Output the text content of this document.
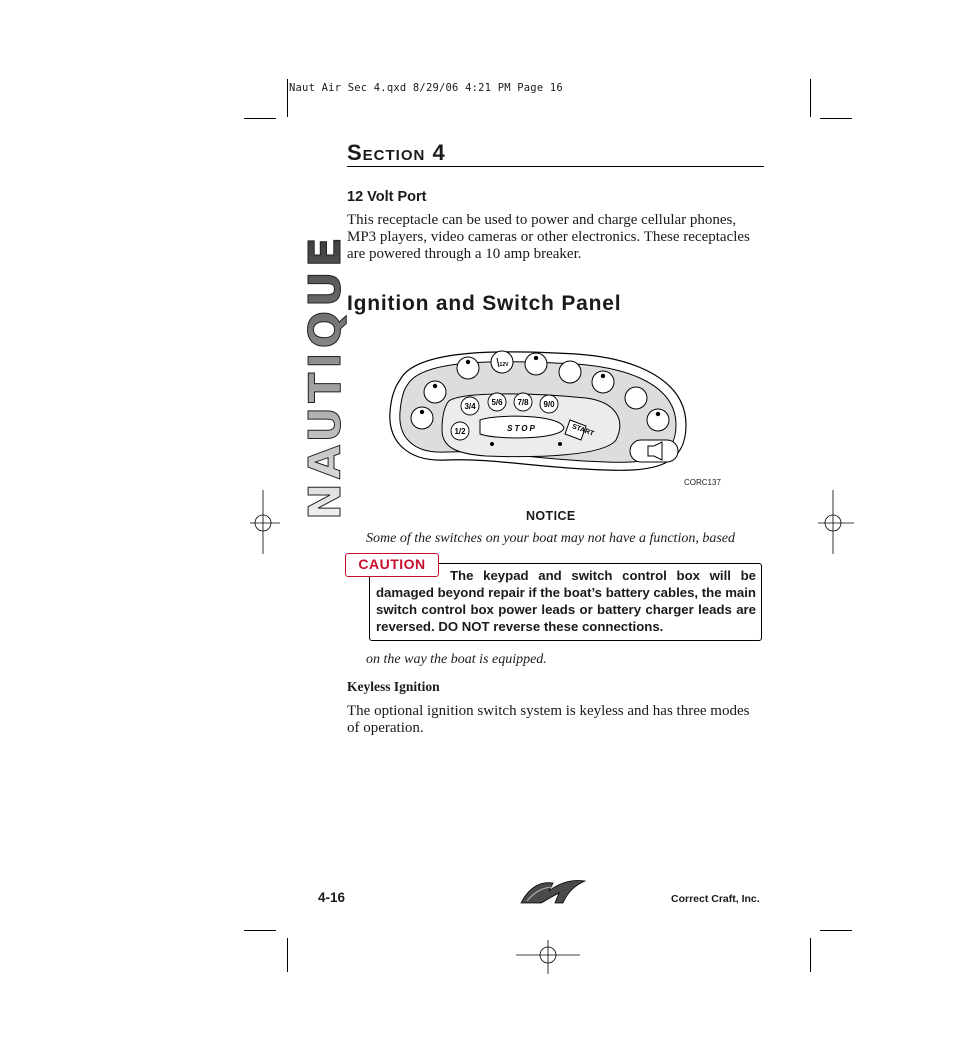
Naut Air Sec 4.qxd 8/29/06 4:21 PM Page 16
NAUTIQUE
Section 4
12 Volt Port
This receptacle can be used to power and charge cellular phones, MP3 players, video cameras or other electronics. These receptacles are powered through a 10 amp breaker.
Ignition and Switch Panel
3/4 5/6 7/8 9/0
1/2	START
STOP
12V
CORC137
NOTICE
Some of the switches on your boat may not have a function, based
The keypad and switch control box will be damaged beyond repair if the boat’s battery cables, the main switch control box power leads or battery charger leads are reversed. DO NOT reverse these connections.
CAUTION
on the way the boat is equipped.
Keyless Ignition
The optional ignition switch system is keyless and has three modes of operation.
4-16	Correct Craft, Inc.
